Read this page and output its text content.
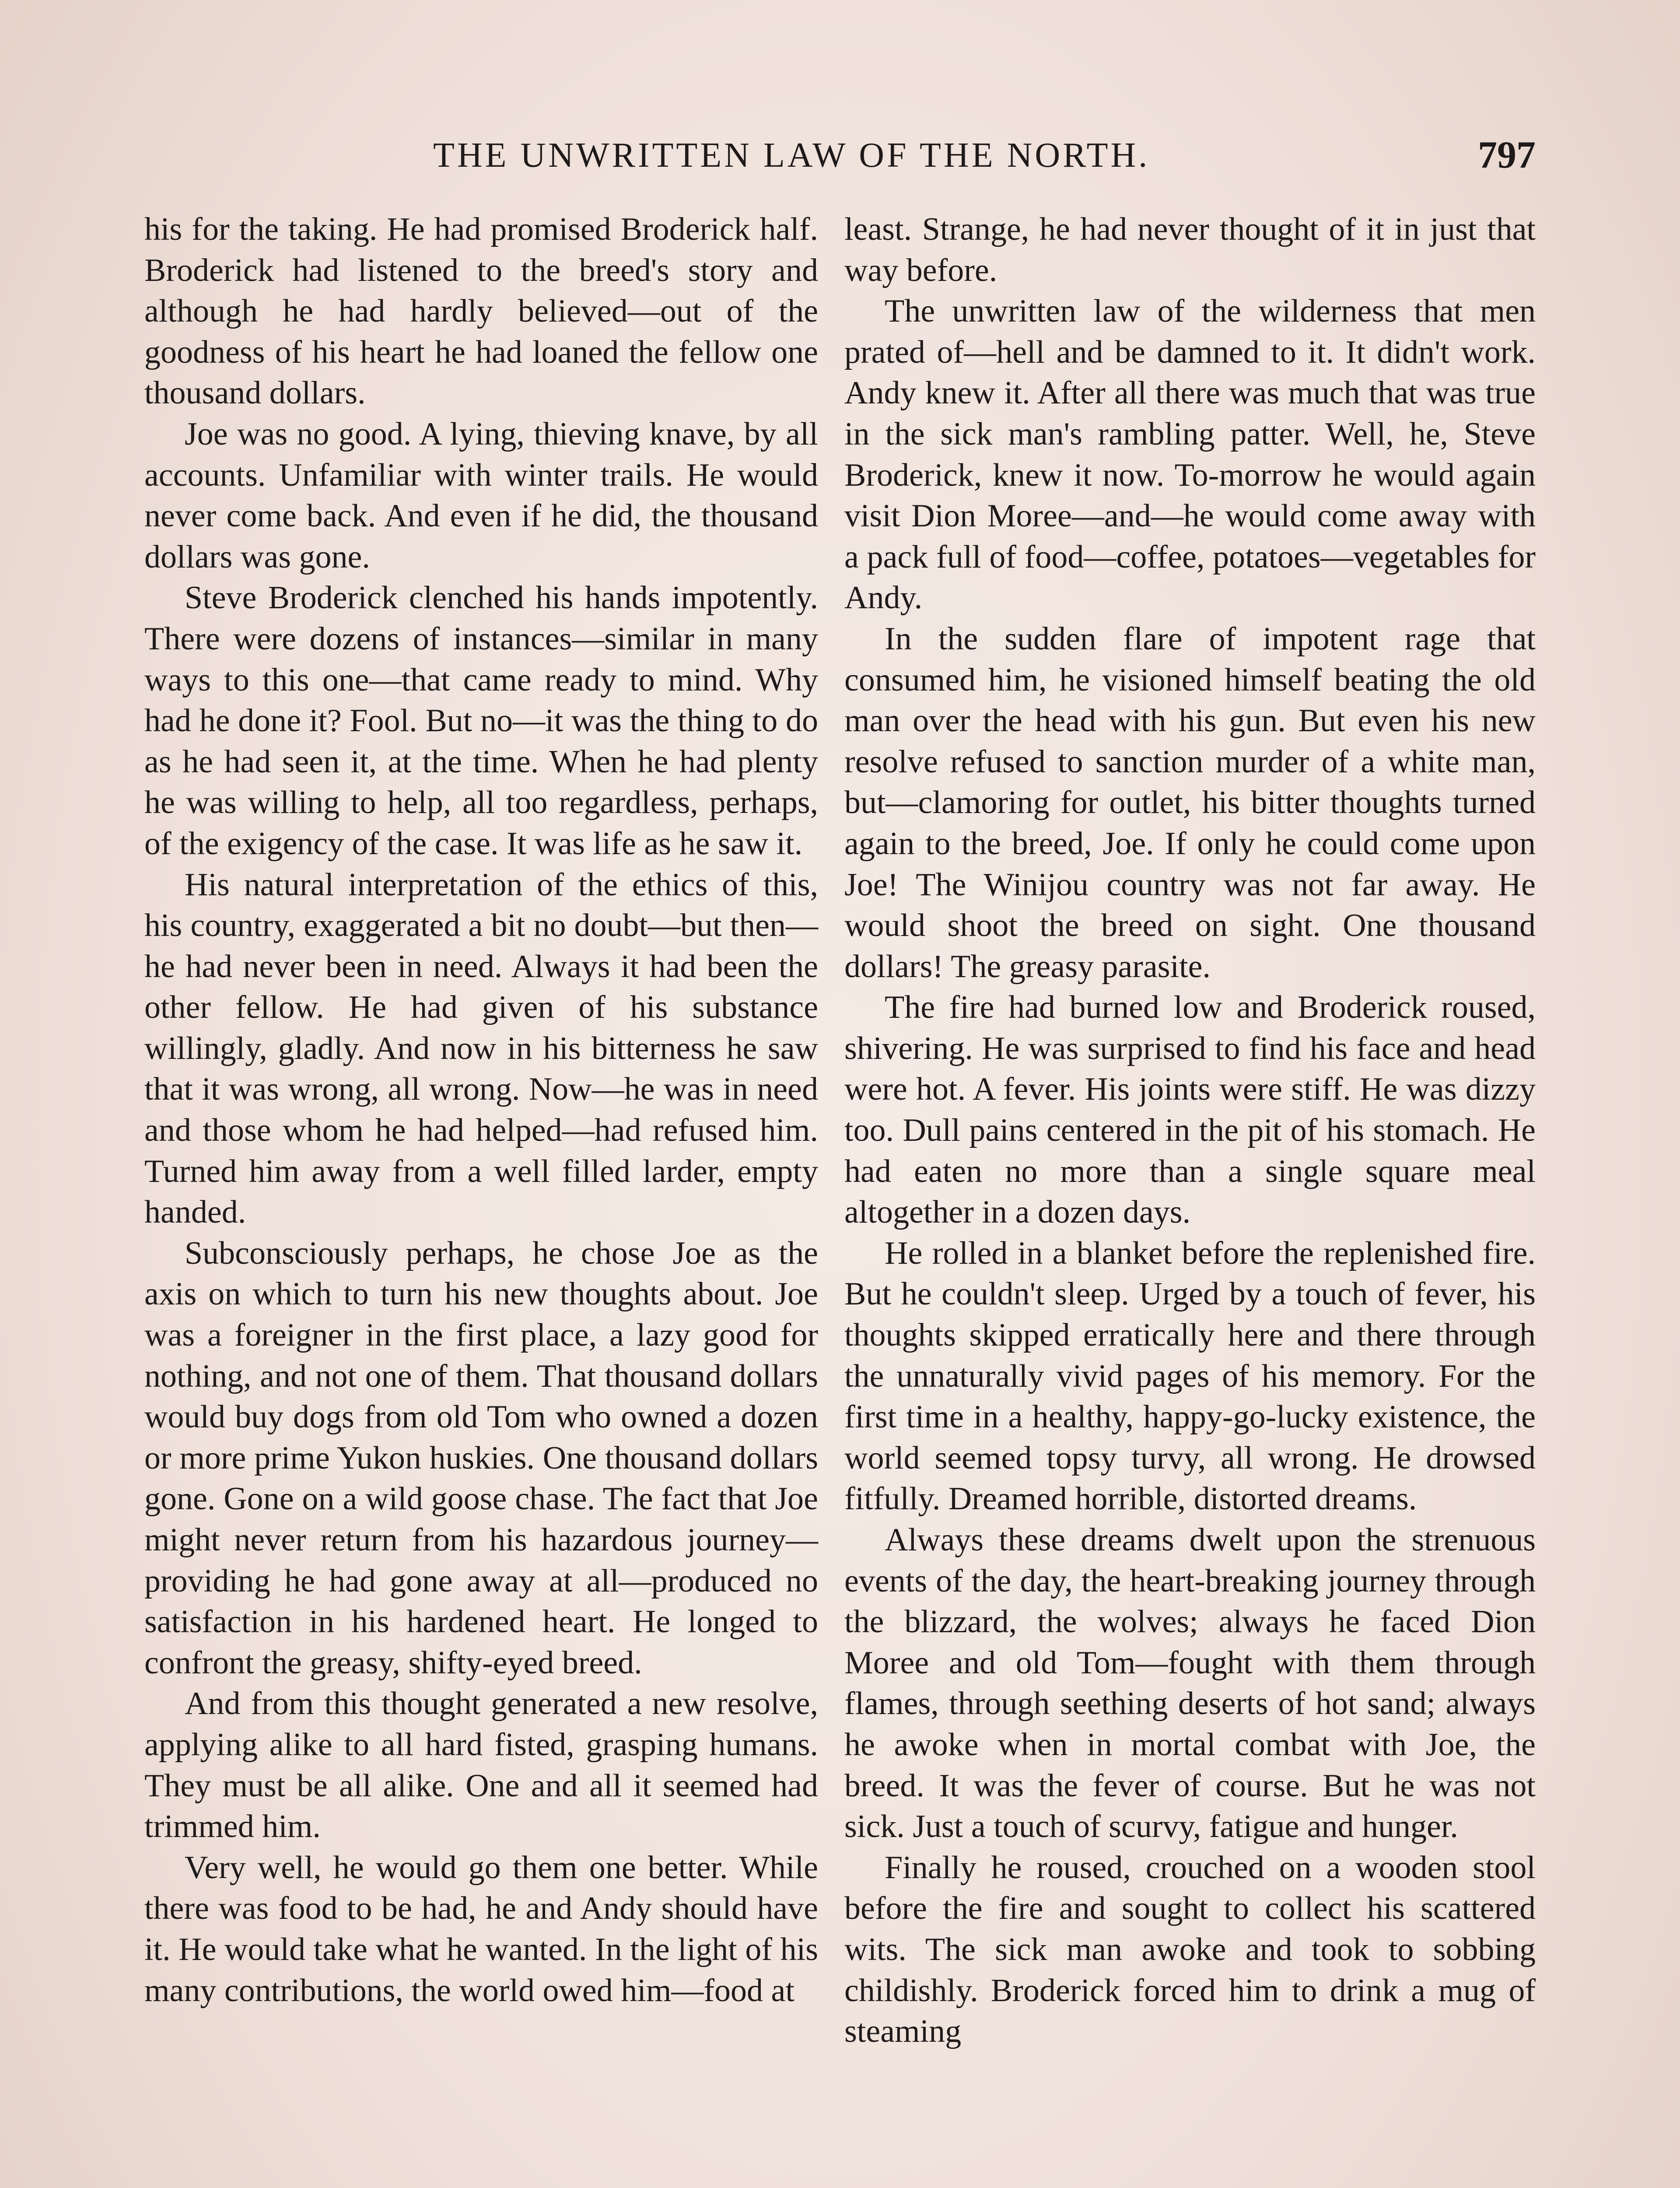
THE UNWRITTEN LAW OF THE NORTH.	797

his for the taking. He had promised Broderick half. Broderick had listened to the breed's story and although he had hardly believed—out of the goodness of his heart he had loaned the fellow one thousand dollars.

Joe was no good. A lying, thieving knave, by all accounts. Unfamiliar with winter trails. He would never come back. And even if he did, the thousand dollars was gone.

Steve Broderick clenched his hands impotently. There were dozens of instances—similar in many ways to this one—that came ready to mind. Why had he done it? Fool. But no—it was the thing to do as he had seen it, at the time. When he had plenty he was willing to help, all too regardless, perhaps, of the exigency of the case. It was life as he saw it.

His natural interpretation of the ethics of this, his country, exaggerated a bit no doubt—but then—he had never been in need. Always it had been the other fellow. He had given of his substance willingly, gladly. And now in his bitterness he saw that it was wrong, all wrong. Now—he was in need and those whom he had helped—had refused him. Turned him away from a well filled larder, empty handed.

Subconsciously perhaps, he chose Joe as the axis on which to turn his new thoughts about. Joe was a foreigner in the first place, a lazy good for nothing, and not one of them. That thousand dollars would buy dogs from old Tom who owned a dozen or more prime Yukon huskies. One thousand dollars gone. Gone on a wild goose chase. The fact that Joe might never return from his hazardous journey—providing he had gone away at all—produced no satisfaction in his hardened heart. He longed to confront the greasy, shifty-eyed breed.

And from this thought generated a new resolve, applying alike to all hard fisted, grasping humans. They must be all alike. One and all it seemed had trimmed him.

Very well, he would go them one better. While there was food to be had, he and Andy should have it. He would take what he wanted. In the light of his many contributions, the world owed him—food at

least. Strange, he had never thought of it in just that way before.

The unwritten law of the wilderness that men prated of—hell and be damned to it. It didn't work. Andy knew it. After all there was much that was true in the sick man's rambling patter. Well, he, Steve Broderick, knew it now. To-morrow he would again visit Dion Moree—and—he would come away with a pack full of food—coffee, potatoes—vegetables for Andy.

In the sudden flare of impotent rage that consumed him, he visioned himself beating the old man over the head with his gun. But even his new resolve refused to sanction murder of a white man, but—clamoring for outlet, his bitter thoughts turned again to the breed, Joe. If only he could come upon Joe! The Winijou country was not far away. He would shoot the breed on sight. One thousand dollars! The greasy parasite.

The fire had burned low and Broderick roused, shivering. He was surprised to find his face and head were hot. A fever. His joints were stiff. He was dizzy too. Dull pains centered in the pit of his stomach. He had eaten no more than a single square meal altogether in a dozen days.

He rolled in a blanket before the replenished fire. But he couldn't sleep. Urged by a touch of fever, his thoughts skipped erratically here and there through the unnaturally vivid pages of his memory. For the first time in a healthy, happy-go-lucky existence, the world seemed topsy turvy, all wrong. He drowsed fitfully. Dreamed horrible, distorted dreams.

Always these dreams dwelt upon the strenuous events of the day, the heart-breaking journey through the blizzard, the wolves; always he faced Dion Moree and old Tom—fought with them through flames, through seething deserts of hot sand; always he awoke when in mortal combat with Joe, the breed. It was the fever of course. But he was not sick. Just a touch of scurvy, fatigue and hunger.

Finally he roused, crouched on a wooden stool before the fire and sought to collect his scattered wits. The sick man awoke and took to sobbing childishly. Broderick forced him to drink a mug of steaming
